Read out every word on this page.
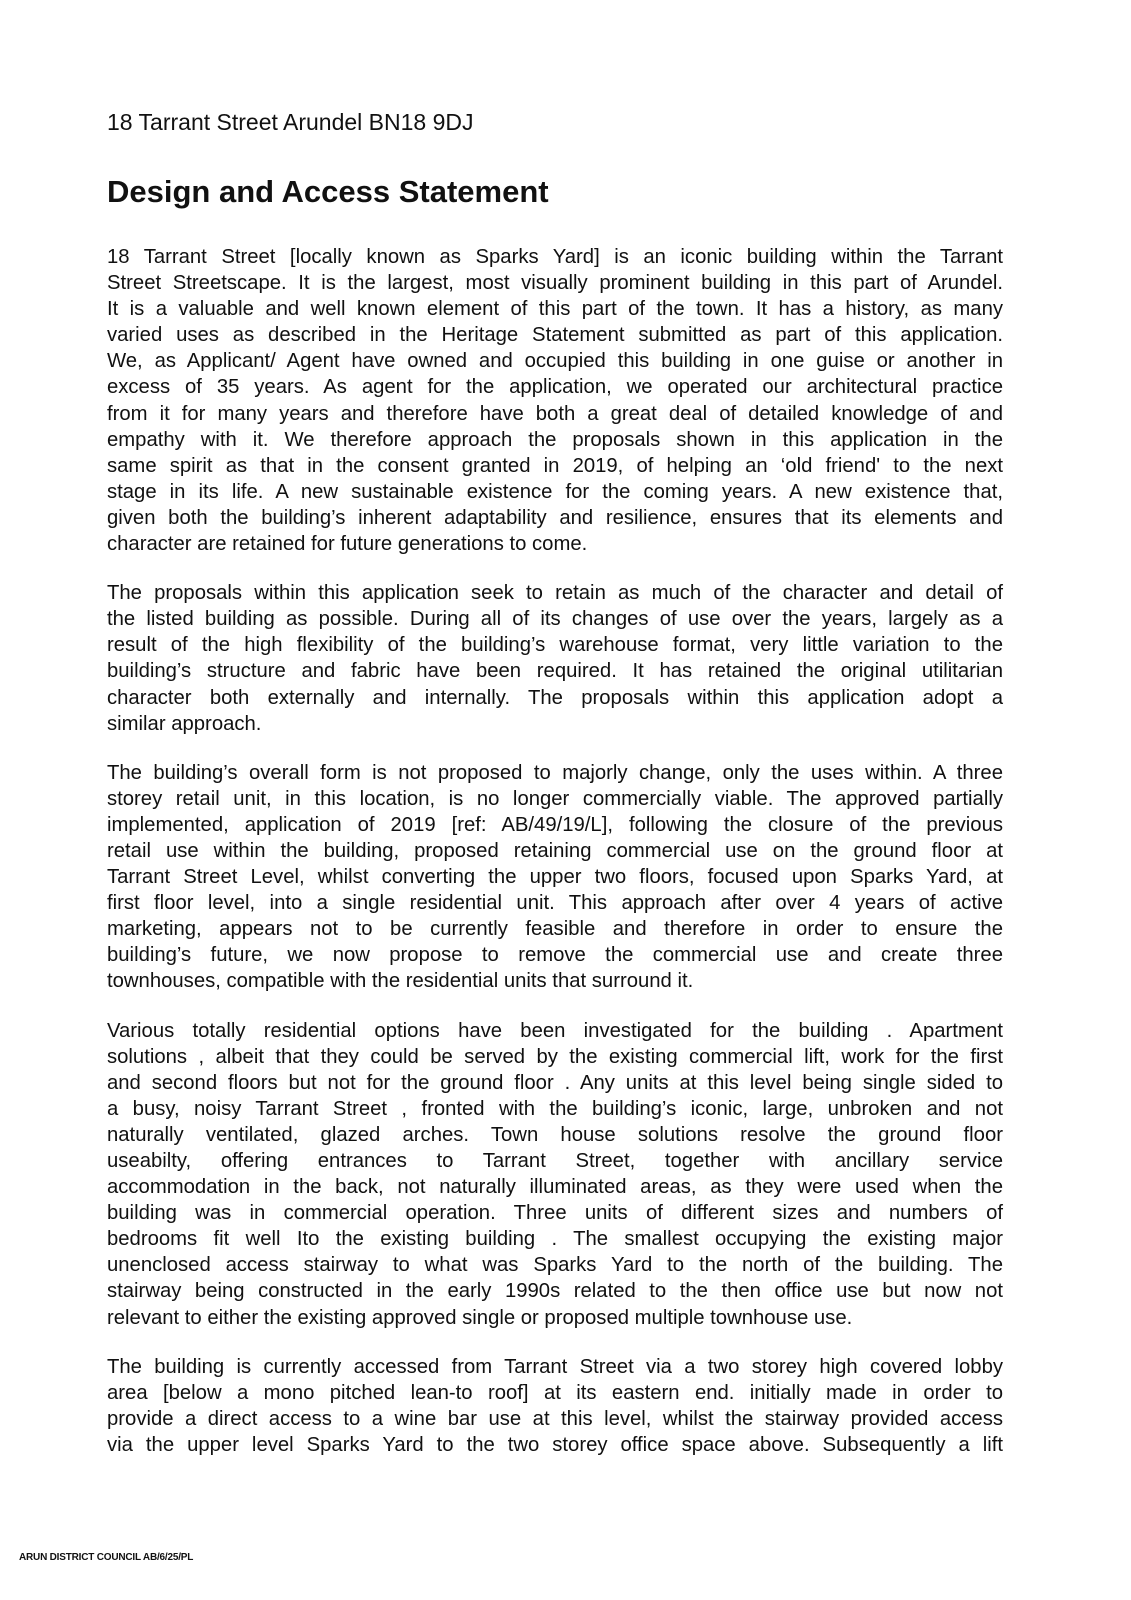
18 Tarrant Street Arundel BN18 9DJ
Design and Access Statement
18 Tarrant Street [locally known as Sparks Yard] is an iconic building within the Tarrant
Street Streetscape. It is the largest, most visually prominent building in this part of Arundel.
It is a valuable and well known element of this part of the town. It has a history, as many
varied uses as described in the Heritage Statement submitted as part of this application.
We, as Applicant/ Agent have owned and occupied this building in one guise or another in
excess of 35 years. As agent for the application, we operated our architectural practice
from it for many years and therefore have both a great deal of detailed knowledge of and
empathy with it. We therefore approach the proposals shown in this application in the
same spirit as that in the consent granted in 2019, of helping an ‘old friend' to the next
stage in its life. A new sustainable existence for the coming years. A new existence that,
given both the building’s inherent adaptability and resilience, ensures that its elements and
character are retained for future generations to come.
The proposals within this application seek to retain as much of the character and detail of
the listed building as possible. During all of its changes of use over the years, largely as a
result of the high flexibility of the building’s warehouse format, very little variation to the
building’s structure and fabric have been required. It has retained the original utilitarian
character both externally and internally. The proposals within this application adopt a
similar approach.
The building’s overall form is not proposed to majorly change, only the uses within. A three
storey retail unit, in this location, is no longer commercially viable. The approved partially
implemented, application of 2019 [ref: AB/49/19/L], following the closure of the previous
retail use within the building, proposed retaining commercial use on the ground floor at
Tarrant Street Level, whilst converting the upper two floors, focused upon Sparks Yard, at
first floor level, into a single residential unit. This approach after over 4 years of active
marketing, appears not to be currently feasible and therefore in order to ensure the
building’s future, we now propose to remove the commercial use and create three
townhouses, compatible with the residential units that surround it.
Various totally residential options have been investigated for the building . Apartment
solutions , albeit that they could be served by the existing commercial lift, work for the first
and second floors but not for the ground floor . Any units at this level being single sided to
a busy, noisy Tarrant Street , fronted with the building’s iconic, large, unbroken and not
naturally ventilated, glazed arches. Town house solutions resolve the ground floor
useabilty, offering entrances to Tarrant Street, together with ancillary service
accommodation in the back, not naturally illuminated areas, as they were used when the
building was in commercial operation. Three units of different sizes and numbers of
bedrooms fit well Ito the existing building . The smallest occupying the existing major
unenclosed access stairway to what was Sparks Yard to the north of the building. The
stairway being constructed in the early 1990s related to the then office use but now not
relevant to either the existing approved single or proposed multiple townhouse use.
The building is currently accessed from Tarrant Street via a two storey high covered lobby
area [below a mono pitched lean-to roof] at its eastern end. initially made in order to
provide a direct access to a wine bar use at this level, whilst the stairway provided access
via the upper level Sparks Yard to the two storey office space above. Subsequently a lift
ARUN DISTRICT COUNCIL AB/6/25/PL
